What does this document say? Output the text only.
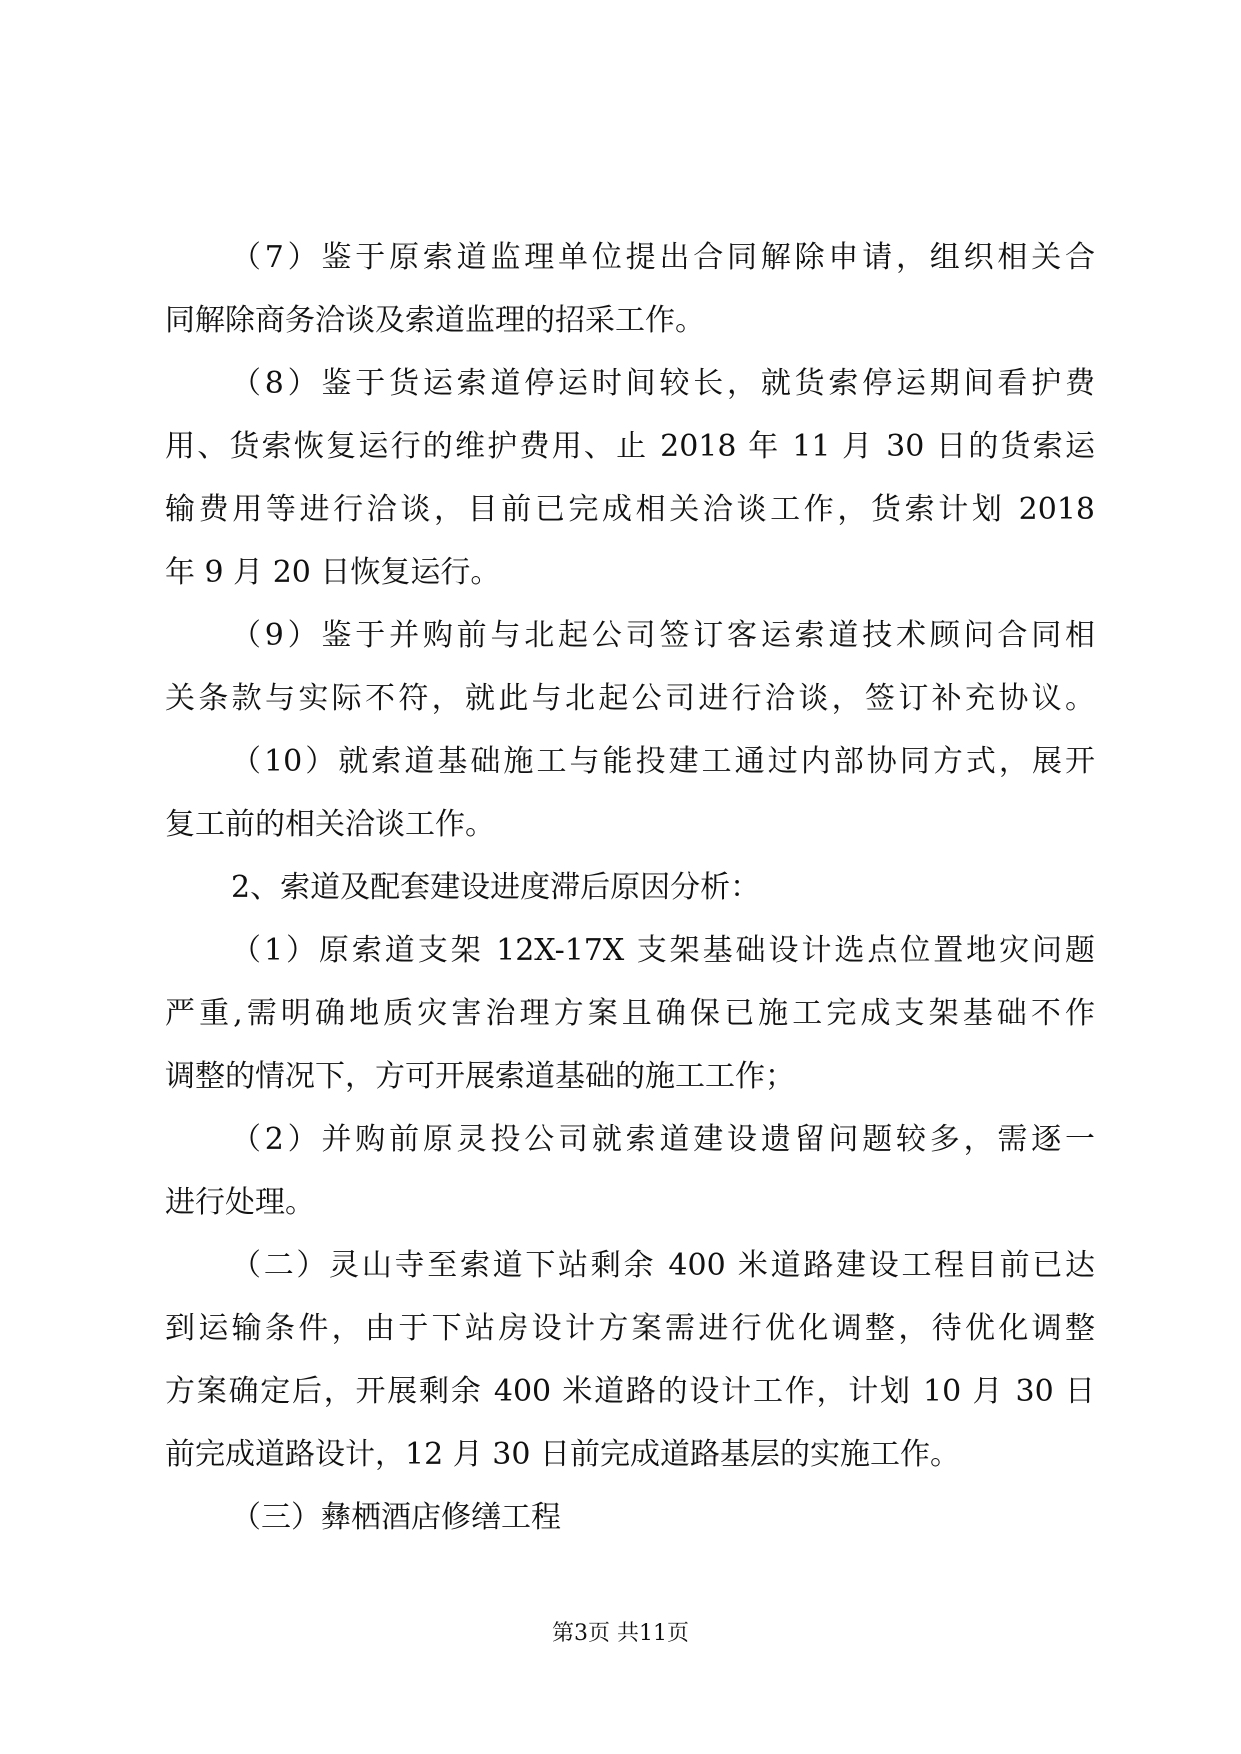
（7）鉴于原索道监理单位提出合同解除申请，组织相关合
同解除商务洽谈及索道监理的招采工作。
（8）鉴于货运索道停运时间较长，就货索停运期间看护费
用、货索恢复运行的维护费用、止 2018 年 11 月 30 日的货索运
输费用等进行洽谈，目前已完成相关洽谈工作，货索计划 2018
年 9 月 20 日恢复运行。
（9）鉴于并购前与北起公司签订客运索道技术顾问合同相
关条款与实际不符，就此与北起公司进行洽谈，签订补充协议。
（10）就索道基础施工与能投建工通过内部协同方式，展开
复工前的相关洽谈工作。
2、索道及配套建设进度滞后原因分析：
（1）原索道支架 12X-17X 支架基础设计选点位置地灾问题
严重,需明确地质灾害治理方案且确保已施工完成支架基础不作
调整的情况下，方可开展索道基础的施工工作；
（2）并购前原灵投公司就索道建设遗留问题较多，需逐一
进行处理。
（二）灵山寺至索道下站剩余 400 米道路建设工程目前已达
到运输条件，由于下站房设计方案需进行优化调整，待优化调整
方案确定后，开展剩余 400 米道路的设计工作，计划 10 月 30 日
前完成道路设计，12 月 30 日前完成道路基层的实施工作。
（三）彝栖酒店修缮工程
第3页 共11页
